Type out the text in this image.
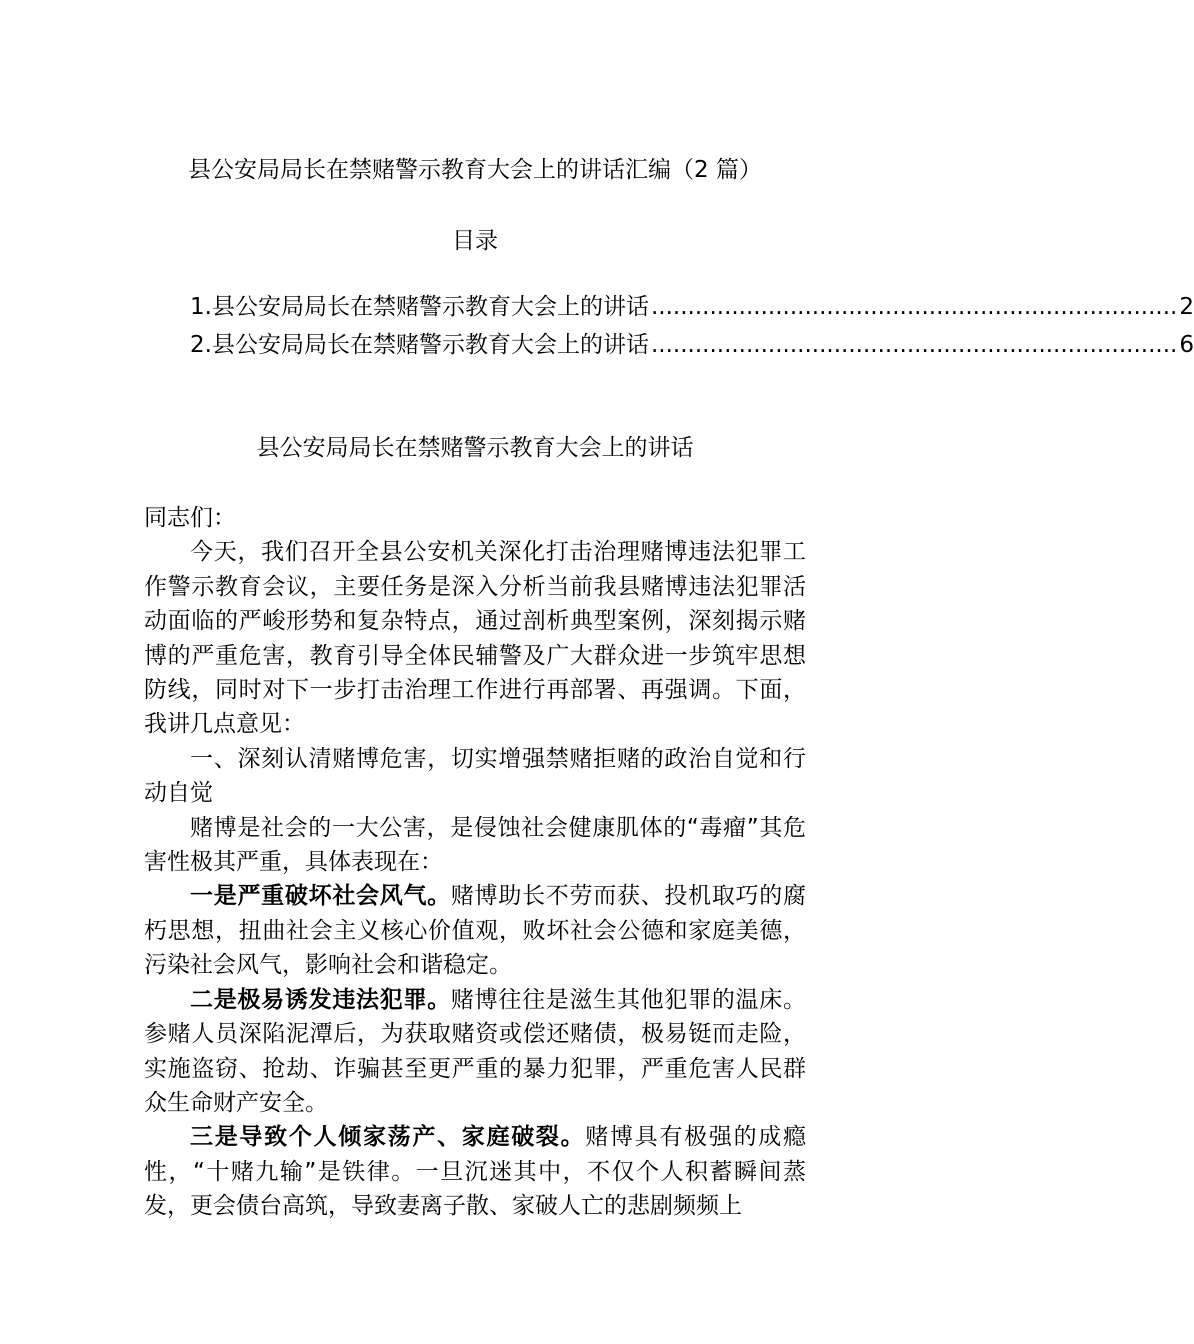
县公安局局长在禁赌警示教育大会上的讲话汇编（2 篇）
目录
1.县公安局局长在禁赌警示教育大会上的讲话 ........................................................................ 2
2.县公安局局长在禁赌警示教育大会上的讲话 ........................................................................ 6
县公安局局长在禁赌警示教育大会上的讲话

同志们：

今天，我们召开全县公安机关深化打击治理赌博违法犯罪工作警示教育会议，主要任务是深入分析当前我县赌博违法犯罪活动面临的严峻形势和复杂特点，通过剖析典型案例，深刻揭示赌博的严重危害，教育引导全体民辅警及广大群众进一步筑牢思想防线，同时对下一步打击治理工作进行再部署、再强调。下面，我讲几点意见：

一、深刻认清赌博危害，切实增强禁赌拒赌的政治自觉和行动自觉

赌博是社会的一大公害，是侵蚀社会健康肌体的“毒瘤”其危害性极其严重，具体表现在：

一是严重破坏社会风气。赌博助长不劳而获、投机取巧的腐朽思想，扭曲社会主义核心价值观，败坏社会公德和家庭美德，污染社会风气，影响社会和谐稳定。

二是极易诱发违法犯罪。赌博往往是滋生其他犯罪的温床。参赌人员深陷泥潭后，为获取赌资或偿还赌债，极易铤而走险，实施盗窃、抢劫、诈骗甚至更严重的暴力犯罪，严重危害人民群众生命财产安全。

三是导致个人倾家荡产、家庭破裂。赌博具有极强的成瘾性，“十赌九输”是铁律。一旦沉迷其中，不仅个人积蓄瞬间蒸发，更会债台高筑，导致妻离子散、家破人亡的悲剧频频上
